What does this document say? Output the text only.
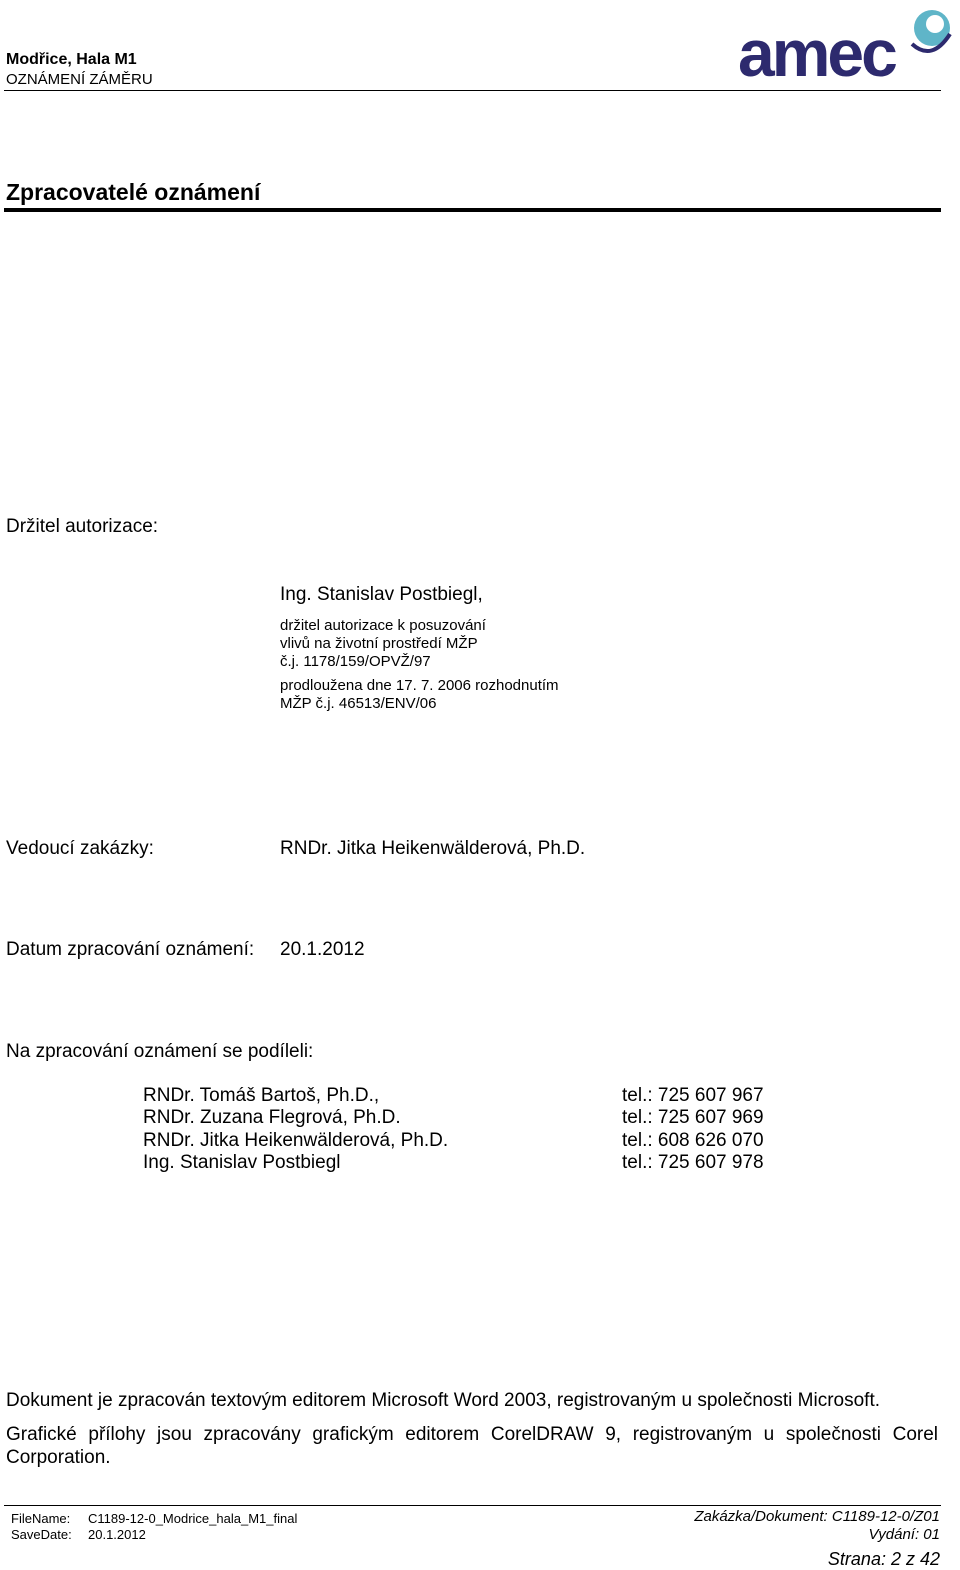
Modřice, Hala M1
OZNÁMENÍ ZÁMĚRU	amec
Zpracovatelé oznámení
Držitel autorizace:
Ing. Stanislav Postbiegl,
držitel autorizace k posuzování
vlivů na životní prostředí MŽP
č.j. 1178/159/OPVŽ/97
prodloužena dne 17. 7. 2006 rozhodnutím
MŽP č.j. 46513/ENV/06
Vedoucí zakázky:	RNDr. Jitka Heikenwälderová, Ph.D.
Datum zpracování oznámení: 20.1.2012
Na zpracování oznámení se podíleli:
RNDr. Tomáš Bartoš, Ph.D.,
RNDr. Zuzana Flegrová, Ph.D.
RNDr. Jitka Heikenwälderová, Ph.D.
Ing. Stanislav Postbiegl
tel.: 725 607 967
tel.: 725 607 969
tel.: 608 626 070
tel.: 725 607 978
Dokument je zpracován textovým editorem Microsoft Word 2003, registrovaným u společnosti Microsoft.
Grafické přílohy jsou zpracovány grafickým editorem CorelDRAW 9, registrovaným u společnosti Corel Corporation.
FileName: C1189-12-0_Modrice_hala_M1_final
SaveDate: 20.1.2012
Zakázka/Dokument: C1189-12-0/Z01
Vydání: 01
Strana: 2 z 42
